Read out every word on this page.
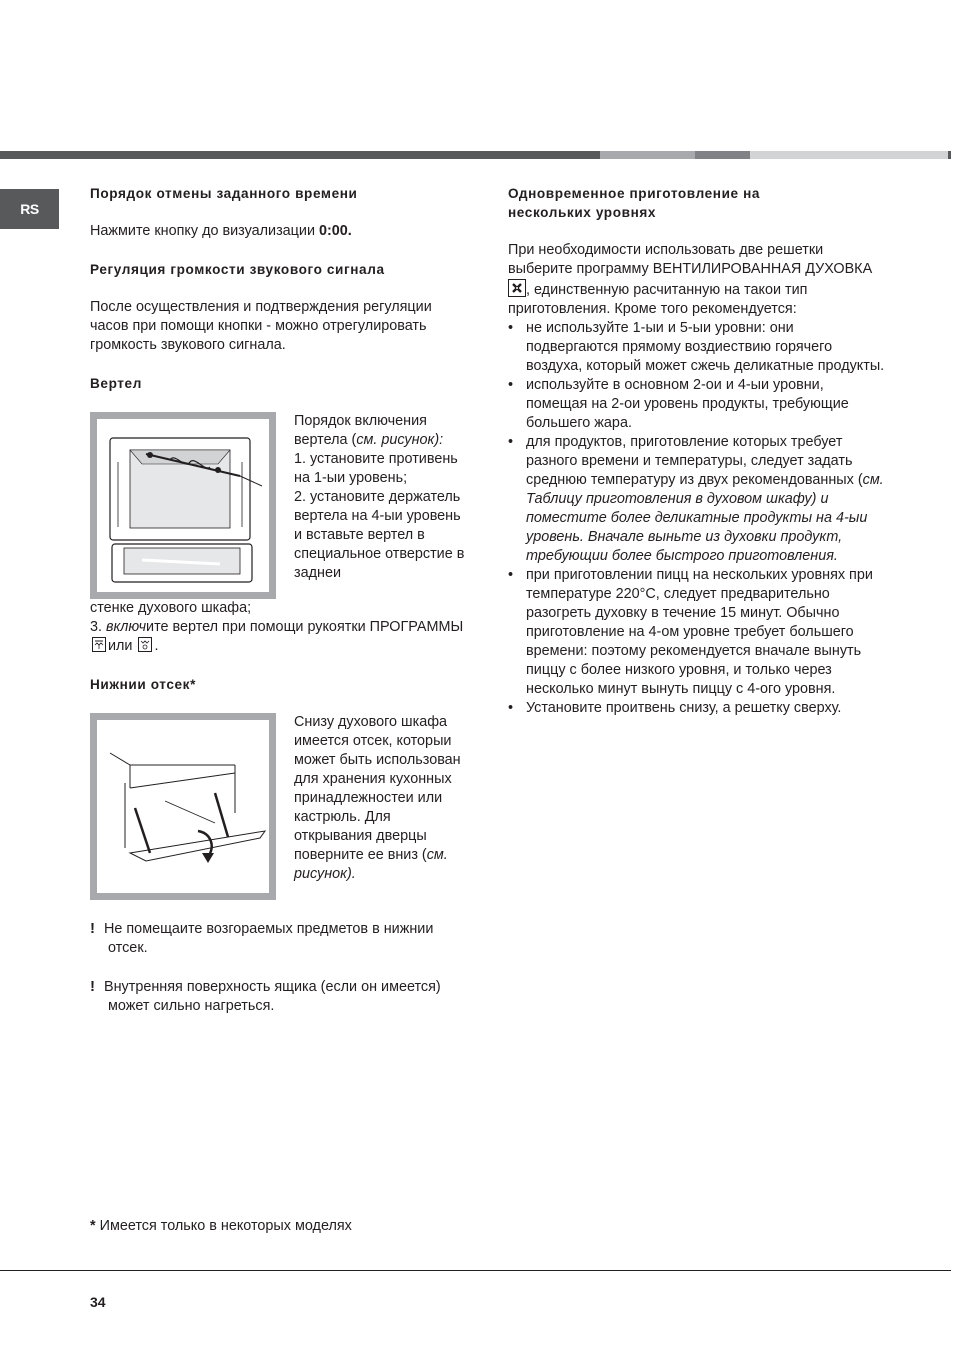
RS
Порядок отмены заданного времени

Нажмите кнопку до визуализации 0:00.

Регуляция громкости звукового сигнала

После осуществления и подтверждения регуляции часов при помощи кнопки - можно отрегулировать громкость звукового сигнала.

Вертел

Порядок включения вертела (см. рисунок):

1. установите противень на 1-ыи уровень;

2. установите держатель вертела на 4-ыи уровень и вставьте вертел в специальное отверстие в заднеи

стенке духового шкафа;

3. включите вертел при помощи рукоятки ПРОГРАММЫ
или .

Нижнии отсек*

Снизу духового шкафа имеется отсек, которыи может быть использован для хранения кухонных принадлежностеи или кастрюль. Для открывания дверцы поверните ее вниз (см. рисунок).

! Не помещаите возгораемых предметов в нижнии отсек.

! Внутренняя поверхность ящика (если он имеется) может сильно нагреться.

Одновременное приготовление на
нескольких уровнях

При необходимости использовать две решетки выберите программу ВЕНТИЛИРОВАННАЯ ДУХОВКА
, единственную расчитанную на такои тип приготовления. Кроме того рекомендуется:

• не используйте 1-ыи и 5-ыи уровни: они подвергаются прямому воздиествию горячего воздуха, который может сжечь деликатные продукты.
• используйте в основном 2-ои и 4-ыи уровни, помещая на 2-ои уровень продукты, требующие большего жара.
• для продуктов, приготовление которых требует разного времени и температуры, следует задать среднюю температуру из двух рекомендованных (см. Таблицу приготовления в духовом шкафу) и поместите более деликатные продукты на 4-ыи уровень. Вначале выньте из духовки продукт, требующии более быстрого приготовления.
• при приготовлении пицц на нескольких уровнях при температуре 220°С, следует предварительно разогреть духовку в течение 15 минут. Обычно приготовление на 4-ом уровне требует большего времени: поэтому рекомендуется вначале вынуть пиццу с более низкого уровня, и только через несколько минут вынуть пиццу с 4-ого уровня.
• Установите проитвень снизу, а решетку сверху.

* Имеется только в некоторых моделях

34
